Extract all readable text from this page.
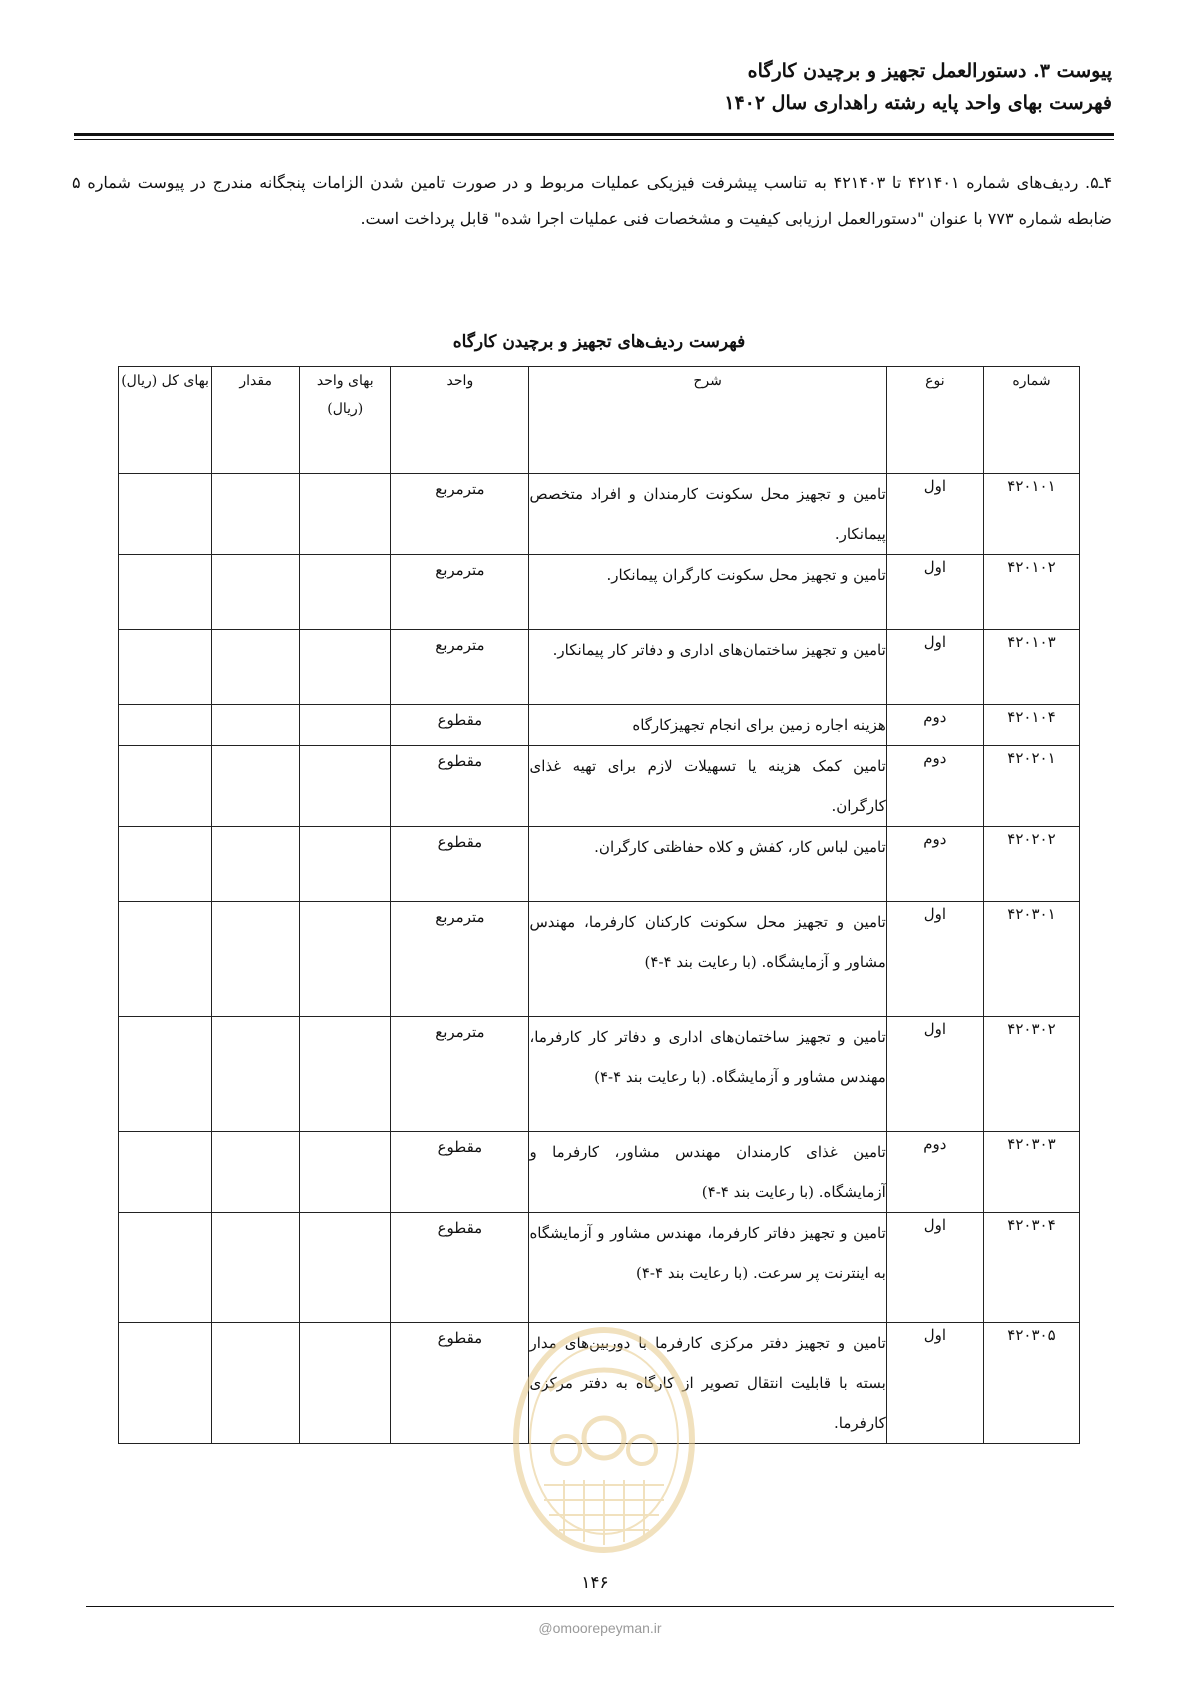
پیوست ۳. دستورالعمل تجهیز و برچیدن کارگاه
فهرست بهای واحد پایه رشته راهداری سال ۱۴۰۲
۴ـ۵. ردیف‌های شماره ۴۲۱۴۰۱ تا ۴۲۱۴۰۳ به تناسب پیشرفت فیزیکی عملیات مربوط و در صورت تامین شدن الزامات پنجگانه مندرج در پیوست شماره ۵ ضابطه شماره ۷۷۳ با عنوان "دستورالعمل ارزیابی کیفیت و مشخصات فنی عملیات اجرا شده" قابل پرداخت است.
فهرست ردیف‌های تجهیز و برچیدن کارگاه
شماره	نوع	شرح	واحد	بهای واحد (ریال)	مقدار	بهای کل (ریال)
۴۲۰۱۰۱	اول	تامین و تجهیز محل سکونت کارمندان و افراد متخصص پیمانکار.	مترمربع			
۴۲۰۱۰۲	اول	تامین و تجهیز محل سکونت کارگران پیمانکار.	مترمربع			
۴۲۰۱۰۳	اول	تامین و تجهیز ساختمان‌های اداری و دفاتر کار پیمانکار.	مترمربع			
۴۲۰۱۰۴	دوم	هزینه اجاره زمین برای انجام تجهیزکارگاه	مقطوع			
۴۲۰۲۰۱	دوم	تامین کمک هزینه یا تسهیلات لازم برای تهیه غذای کارگران.	مقطوع			
۴۲۰۲۰۲	دوم	تامین لباس کار، کفش و کلاه حفاظتی کارگران.	مقطوع			
۴۲۰۳۰۱	اول	تامین و تجهیز محل سکونت کارکنان کارفرما، مهندس مشاور و آزمایشگاه. (با رعایت بند ۴-۴)	مترمربع			
۴۲۰۳۰۲	اول	تامین و تجهیز ساختمان‌های اداری و دفاتر کار کارفرما، مهندس مشاور و آزمایشگاه. (با رعایت بند ۴-۴)	مترمربع			
۴۲۰۳۰۳	دوم	تامین غذای کارمندان مهندس مشاور، کارفرما و آزمایشگاه. (با رعایت بند ۴-۴)	مقطوع			
۴۲۰۳۰۴	اول	تامین و تجهیز دفاتر کارفرما، مهندس مشاور و آزمایشگاه به اینترنت پر سرعت. (با رعایت بند ۴-۴)	مقطوع			
۴۲۰۳۰۵	اول	تامین و تجهیز دفتر مرکزی کارفرما با دوربین‌های مدار بسته با قابلیت انتقال تصویر از کارگاه به دفتر مرکزی کارفرما.	مقطوع			
۱۴۶
@omoorepeyman.ir
